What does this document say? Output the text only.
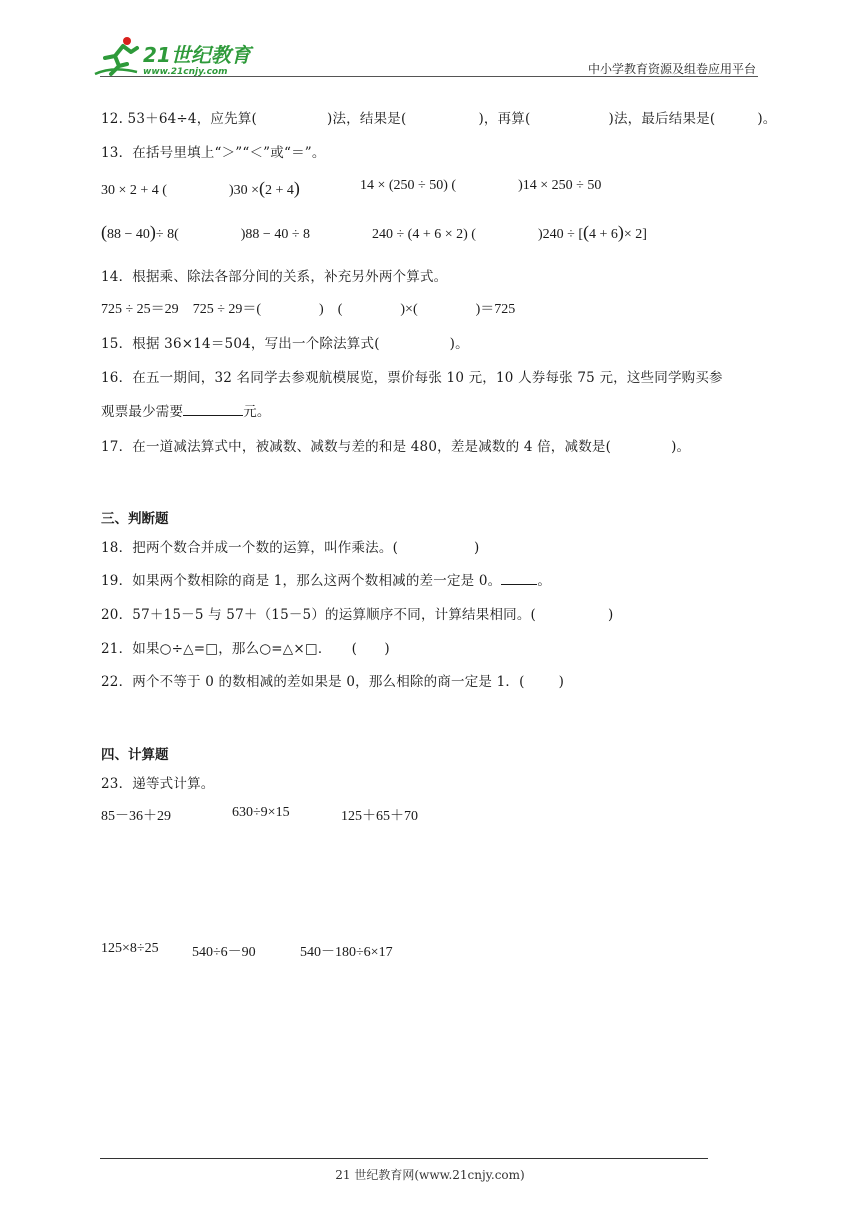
21世纪教育
www.21cnjy.com	中小学教育资源及组卷应用平台
12. 53＋64÷4，应先算(	)法，结果是(	)，再算(	)法，最后结果是(	)。
13．在括号里填上“＞”“＜”或“＝”。
30 × 2 + 4 (	)30 ×(2 + 4)	14 × (250 ÷ 50) (	)14 × 250 ÷ 50
(88 − 40)÷ 8(	)88 − 40 ÷ 8	240 ÷ (4 + 6 × 2) (	)240 ÷ [(4 + 6)× 2]
14．根据乘、除法各部分间的关系，补充另外两个算式。
725 ÷ 25＝29 725 ÷ 29＝(	) (	)×(	)＝725
15．根据 36×14＝504，写出一个除法算式(	)。
16．在五一期间，32 名同学去参观航模展览，票价每张 10 元，10 人券每张 75 元，这些同学购买参
观票最少需要	元。
17．在一道减法算式中，被减数、减数与差的和是 480，差是减数的 4 倍，减数是(	)。
三、判断题
18．把两个数合并成一个数的运算，叫作乘法。(	)
19．如果两个数相除的商是 1，那么这两个数相减的差一定是 0。	。
20．57＋15－5 与 57＋（15－5）的运算顺序不同，计算结果相同。(	)
21．如果○÷△=□，那么○=△×□． (　　)
22．两个不等于 0 的数相减的差如果是 0，那么相除的商一定是 1．(	)
四、计算题
23．递等式计算。
85－36＋29	630÷9×15	125＋65＋70
125×8÷25 540÷6－90	540－180÷6×17
21 世纪教育网(www.21cnjy.com)
